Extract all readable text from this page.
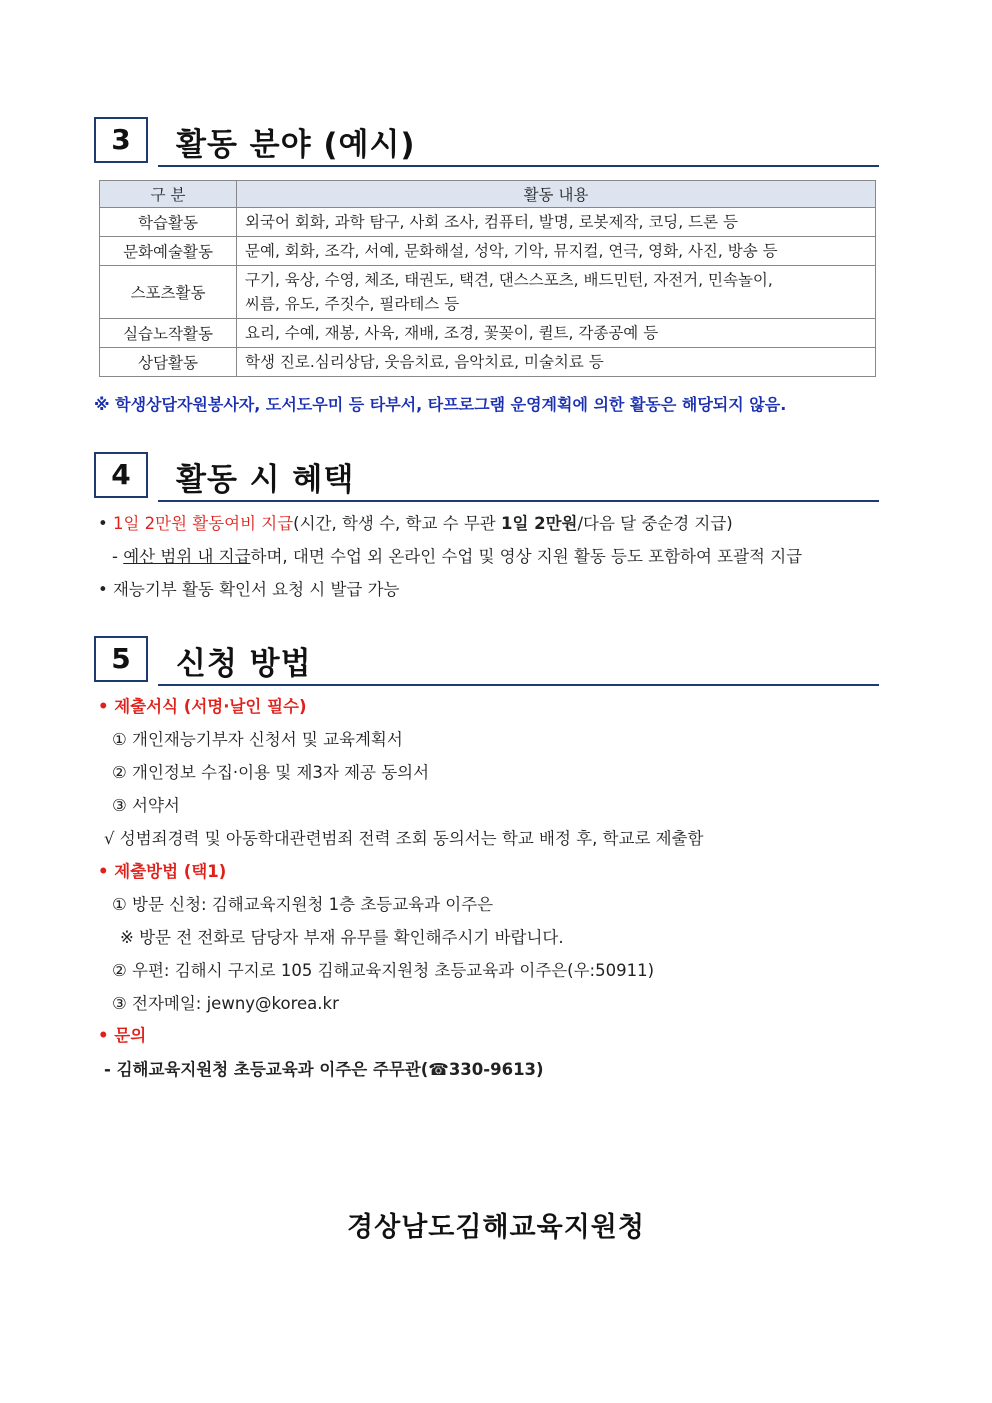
3	활동 분야 (예시)
구 분	활동 내용
학습활동	외국어 회화, 과학 탐구, 사회 조사, 컴퓨터, 발명, 로봇제작, 코딩, 드론 등
문화예술활동	문예, 회화, 조각, 서예, 문화해설, 성악, 기악, 뮤지컬, 연극, 영화, 사진, 방송 등
스포츠활동	구기, 육상, 수영, 체조, 태권도, 택견, 댄스스포츠, 배드민턴, 자전거, 민속놀이,
씨름, 유도, 주짓수, 필라테스 등

실습노작활동	요리, 수예, 재봉, 사육, 재배, 조경, 꽃꽂이, 퀼트, 각종공예 등
상담활동	학생 진로.심리상담, 웃음치료, 음악치료, 미술치료 등
※ 학생상담자원봉사자, 도서도우미 등 타부서, 타프로그램 운영계획에 의한 활동은 해당되지 않음.
4	활동 시 혜택
• 1일 2만원 활동여비 지급(시간, 학생 수, 학교 수 무관 1일 2만원/다음 달 중순경 지급)
- 예산 범위 내 지급하며, 대면 수업 외 온라인 수업 및 영상 지원 활동 등도 포함하여 포괄적 지급
• 재능기부 활동 확인서 요청 시 발급 가능
5	신청 방법
• 제출서식 (서명·날인 필수)
① 개인재능기부자 신청서 및 교육계획서
② 개인정보 수집·이용 및 제3자 제공 동의서
③ 서약서
√ 성범죄경력 및 아동학대관련범죄 전력 조회 동의서는 학교 배정 후, 학교로 제출함
• 제출방법 (택1)
① 방문 신청: 김해교육지원청 1층 초등교육과 이주은
※ 방문 전 전화로 담당자 부재 유무를 확인해주시기 바랍니다.
② 우편: 김해시 구지로 105 김해교육지원청 초등교육과 이주은(우:50911)
③ 전자메일: jewny@korea.kr
• 문의
- 김해교육지원청 초등교육과 이주은 주무관(☎330-9613)
경상남도김해교육지원청
